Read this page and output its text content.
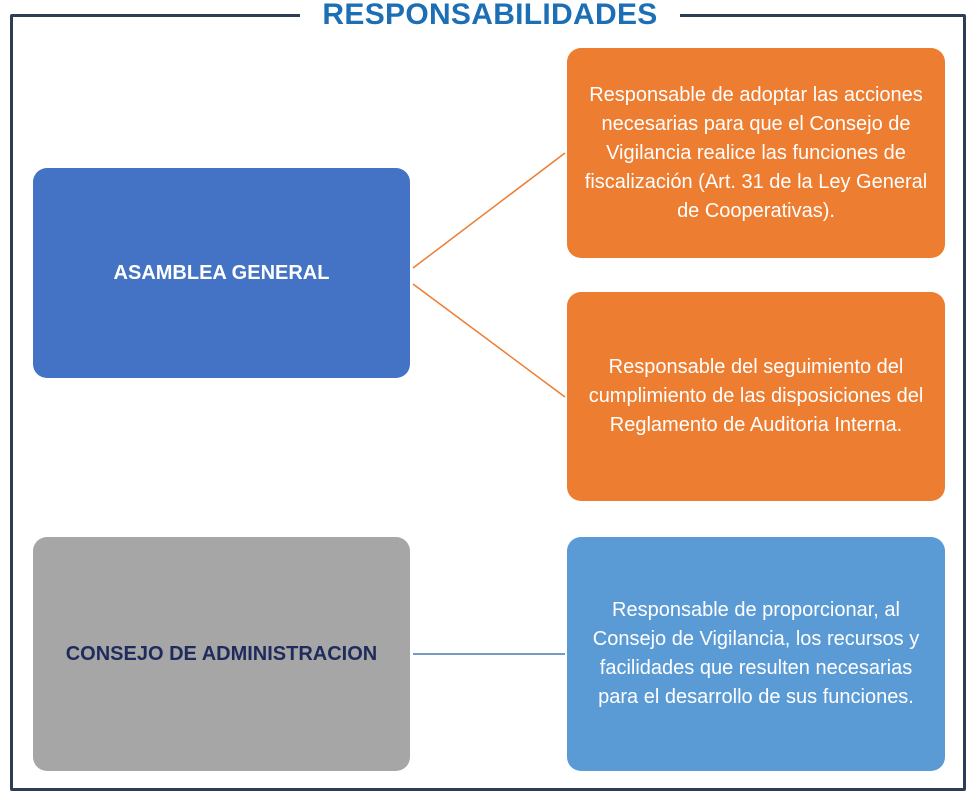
RESPONSABILIDADES
ASAMBLEA GENERAL
CONSEJO DE ADMINISTRACION
Responsable de adoptar las acciones necesarias para que el Consejo de Vigilancia realice las funciones de fiscalización (Art. 31 de la Ley General de Cooperativas).
Responsable del seguimiento del cumplimiento de las disposiciones del Reglamento de Auditoria Interna.
Responsable de proporcionar, al Consejo de Vigilancia, los recursos y facilidades que resulten necesarias para el desarrollo de sus funciones.
